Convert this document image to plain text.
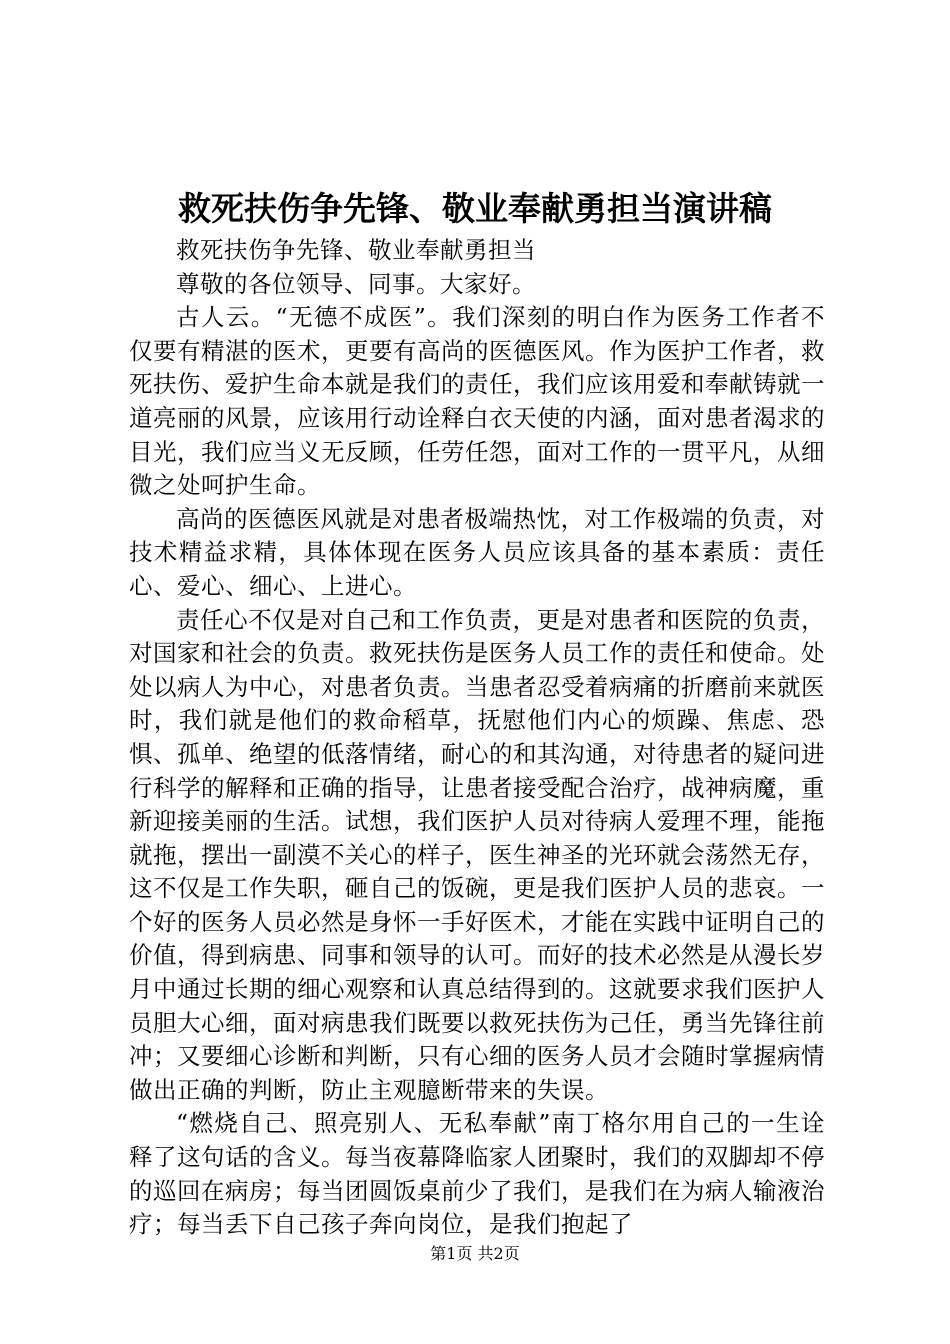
救死扶伤争先锋、敬业奉献勇担当演讲稿

救死扶伤争先锋、敬业奉献勇担当

尊敬的各位领导、同事。大家好。

古人云。“无德不成医”。我们深刻的明白作为医务工作者不仅要有精湛的医术，更要有高尚的医德医风。作为医护工作者，救死扶伤、爱护生命本就是我们的责任，我们应该用爱和奉献铸就一道亮丽的风景，应该用行动诠释白衣天使的内涵，面对患者渴求的目光，我们应当义无反顾，任劳任怨，面对工作的一贯平凡，从细微之处呵护生命。

高尚的医德医风就是对患者极端热忱，对工作极端的负责，对技术精益求精，具体体现在医务人员应该具备的基本素质：责任心、爱心、细心、上进心。

责任心不仅是对自己和工作负责，更是对患者和医院的负责，对国家和社会的负责。救死扶伤是医务人员工作的责任和使命。处处以病人为中心，对患者负责。当患者忍受着病痛的折磨前来就医时，我们就是他们的救命稻草，抚慰他们内心的烦躁、焦虑、恐惧、孤单、绝望的低落情绪，耐心的和其沟通，对待患者的疑问进行科学的解释和正确的指导，让患者接受配合治疗，战神病魔，重新迎接美丽的生活。试想，我们医护人员对待病人爱理不理，能拖就拖，摆出一副漠不关心的样子，医生神圣的光环就会荡然无存，这不仅是工作失职，砸自己的饭碗，更是我们医护人员的悲哀。一个好的医务人员必然是身怀一手好医术，才能在实践中证明自己的价值，得到病患、同事和领导的认可。而好的技术必然是从漫长岁月中通过长期的细心观察和认真总结得到的。这就要求我们医护人员胆大心细，面对病患我们既要以救死扶伤为己任，勇当先锋往前冲；又要细心诊断和判断，只有心细的医务人员才会随时掌握病情做出正确的判断，防止主观臆断带来的失误。

“燃烧自己、照亮别人、无私奉献”南丁格尔用自己的一生诠释了这句话的含义。每当夜幕降临家人团聚时，我们的双脚却不停的巡回在病房；每当团圆饭桌前少了我们，是我们在为病人输液治疗；每当丢下自己孩子奔向岗位，是我们抱起了

第1页 共2页
